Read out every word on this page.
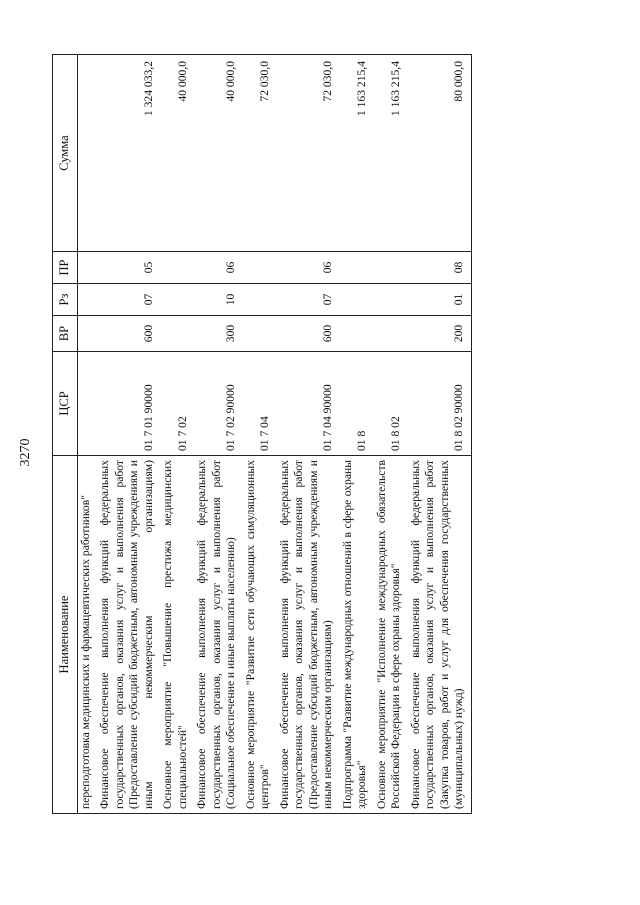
3270
Наименование	ЦСР	ВР	Рз	ПР	Сумма
переподготовка медицинских и фармацевтических работников"					
Финансовое обеспечение выполнения функций федеральных государственных органов, оказания услуг и выполнения работ (Предоставление субсидий бюджетным, автономным учреждениям и иным некоммерческим организациям)	01 7 01 90000	600	07	05	1 324 033,2
Основное мероприятие "Повышение престижа медицинских специальностей"	01 7 02				40 000,0
Финансовое обеспечение выполнения функций федеральных государственных органов, оказания услуг и выполнения работ (Социальное обеспечение и иные выплаты населению)	01 7 02 90000	300	10	06	40 000,0
Основное мероприятие "Развитие сети обучающих симуляционных центров"	01 7 04				72 030,0
Финансовое обеспечение выполнения функций федеральных государственных органов, оказания услуг и выполнения работ (Предоставление субсидий бюджетным, автономным учреждениям и иным некоммерческим организациям)	01 7 04 90000	600	07	06	72 030,0
Подпрограмма "Развитие международных отношений в сфере охраны здоровья"	01 8				1 163 215,4
Основное мероприятие "Исполнение международных обязательств Российской Федерации в сфере охраны здоровья"	01 8 02				1 163 215,4
Финансовое обеспечение выполнения функций федеральных государственных органов, оказания услуг и выполнения работ (Закупка товаров, работ и услуг для обеспечения государственных (муниципальных) нужд)	01 8 02 90000	200	01	08	80 000,0
